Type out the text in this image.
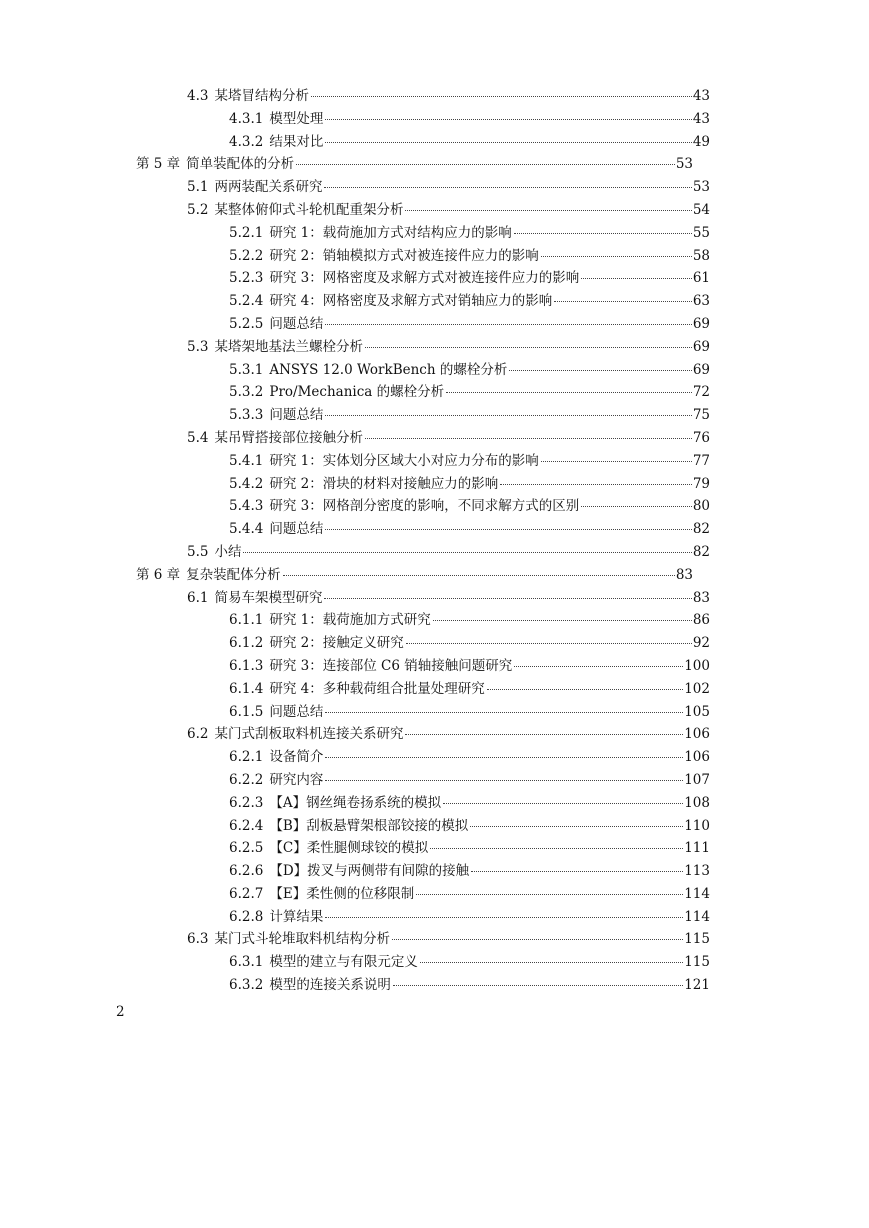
4.3 某塔冒结构分析	43
4.3.1 模型处理	43
4.3.2 结果对比	49
第 5 章 简单装配体的分析	53
5.1 两两装配关系研究	53
5.2 某整体俯仰式斗轮机配重架分析	54
5.2.1 研究 1：载荷施加方式对结构应力的影响	55
5.2.2 研究 2：销轴模拟方式对被连接件应力的影响	58
5.2.3 研究 3：网格密度及求解方式对被连接件应力的影响	61
5.2.4 研究 4：网格密度及求解方式对销轴应力的影响	63
5.2.5 问题总结	69
5.3 某塔架地基法兰螺栓分析	69
5.3.1 ANSYS 12.0 WorkBench 的螺栓分析	69
5.3.2 Pro/Mechanica 的螺栓分析	72
5.3.3 问题总结	75
5.4 某吊臂搭接部位接触分析	76
5.4.1 研究 1：实体划分区域大小对应力分布的影响	77
5.4.2 研究 2：滑块的材料对接触应力的影响	79
5.4.3 研究 3：网格剖分密度的影响，不同求解方式的区别	80
5.4.4 问题总结	82
5.5 小结	82
第 6 章 复杂装配体分析	83
6.1 简易车架模型研究	83
6.1.1 研究 1：载荷施加方式研究	86
6.1.2 研究 2：接触定义研究	92
6.1.3 研究 3：连接部位 C6 销轴接触问题研究	100
6.1.4 研究 4：多种载荷组合批量处理研究	102
6.1.5 问题总结	105
6.2 某门式刮板取料机连接关系研究	106
6.2.1 设备简介	106
6.2.2 研究内容	107
6.2.3 【A】钢丝绳卷扬系统的模拟	108
6.2.4 【B】刮板悬臂架根部铰接的模拟	110
6.2.5 【C】柔性腿侧球铰的模拟	111
6.2.6 【D】拨叉与两侧带有间隙的接触	113
6.2.7 【E】柔性侧的位移限制	114
6.2.8 计算结果	114
6.3 某门式斗轮堆取料机结构分析	115
6.3.1 模型的建立与有限元定义	115
6.3.2 模型的连接关系说明	121
2
